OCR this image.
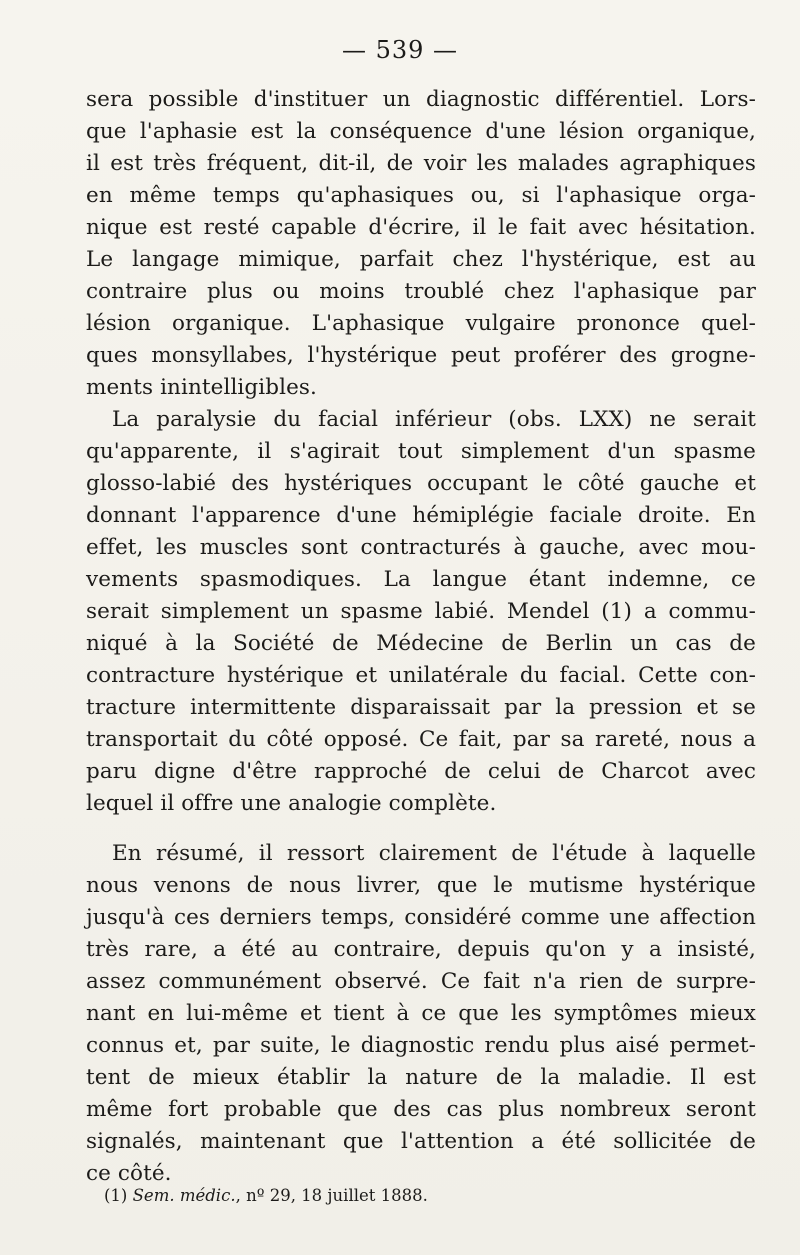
— 539 —
sera possible d'instituer un diagnostic différentiel. Lors-
que l'aphasie est la conséquence d'une lésion organique,
il est très fréquent, dit-il, de voir les malades agraphiques
en même temps qu'aphasiques ou, si l'aphasique orga-
nique est resté capable d'écrire, il le fait avec hésitation.
Le langage mimique, parfait chez l'hystérique, est au
contraire plus ou moins troublé chez l'aphasique par
lésion organique. L'aphasique vulgaire prononce quel-
ques monsyllabes, l'hystérique peut proférer des grogne-
ments inintelligibles.
La paralysie du facial inférieur (obs. LXX) ne serait
qu'apparente, il s'agirait tout simplement d'un spasme
glosso-labié des hystériques occupant le côté gauche et
donnant l'apparence d'une hémiplégie faciale droite. En
effet, les muscles sont contracturés à gauche, avec mou-
vements spasmodiques. La langue étant indemne, ce
serait simplement un spasme labié. Mendel (1) a commu-
niqué à la Société de Médecine de Berlin un cas de
contracture hystérique et unilatérale du facial. Cette con-
tracture intermittente disparaissait par la pression et se
transportait du côté opposé. Ce fait, par sa rareté, nous a
paru digne d'être rapproché de celui de Charcot avec
lequel il offre une analogie complète.
En résumé, il ressort clairement de l'étude à laquelle
nous venons de nous livrer, que le mutisme hystérique
jusqu'à ces derniers temps, considéré comme une affection
très rare, a été au contraire, depuis qu'on y a insisté,
assez communément observé. Ce fait n'a rien de surpre-
nant en lui-même et tient à ce que les symptômes mieux
connus et, par suite, le diagnostic rendu plus aisé permet-
tent de mieux établir la nature de la maladie. Il est
même fort probable que des cas plus nombreux seront
signalés, maintenant que l'attention a été sollicitée de
ce côté.
(1) Sem. médic., nº 29, 18 juillet 1888.
